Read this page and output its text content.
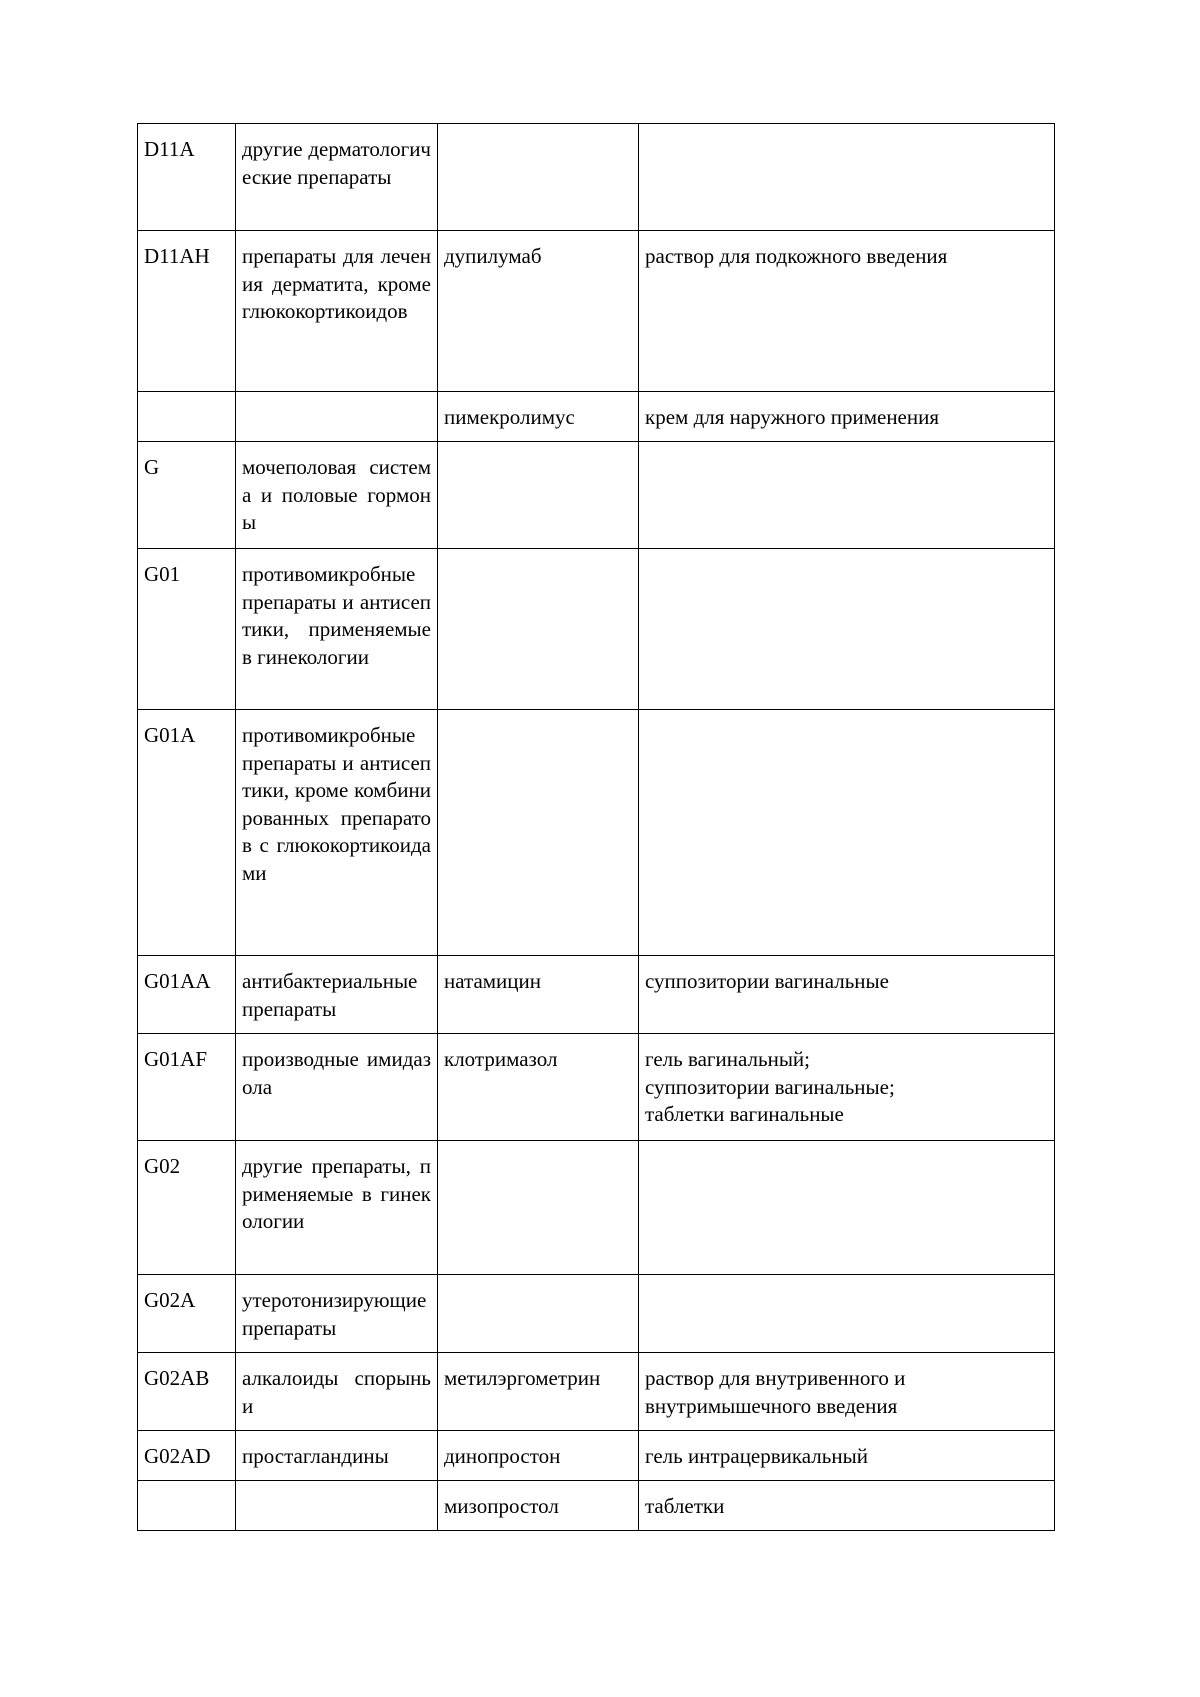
D11A	другие дерматологические препараты		
D11AH	препараты для лечения дерматита, кроме глюкокортикоидов	дупилумаб	раствор для подкожного введения

		пимекролимус	крем для наружного применения

G	мочеполовая система и половые гормоны		
G01	противомикробные препараты и антисептики, применяемые в гинекологии		
G01A	противомикробные препараты и антисептики, кроме комбинированных препаратов с глюкокортикоидами		
G01AA	антибактериальные препараты	натамицин	суппозитории вагинальные

G01AF	производные имидазола	клотримазол	гель вагинальный;
суппозитории вагинальные;
таблетки вагинальные

G02	другие препараты, применяемые в гинекологии		
G02A	утеротонизирующие препараты		
G02AB	алкалоиды спорыньи	метилэргометрин	раствор для внутривенного и внутримышечного введения

G02AD	простагландины	динопростон	гель интрацервикальный

		мизопростол	таблетки
